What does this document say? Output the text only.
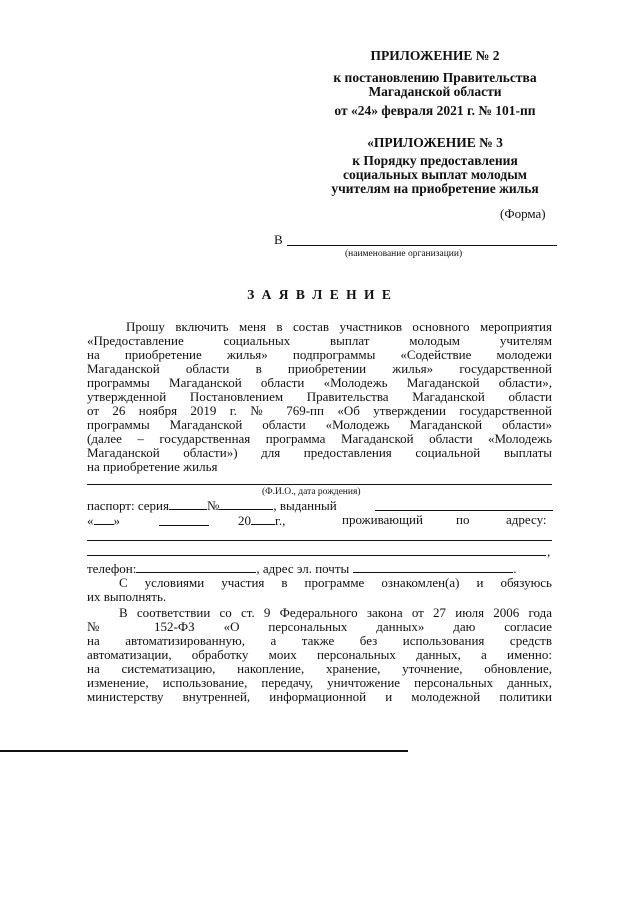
ПРИЛОЖЕНИЕ № 2
к постановлению Правительства
Магаданской области
от «24» февраля 2021 г. № 101-пп
«ПРИЛОЖЕНИЕ № 3
к Порядку предоставления
социальных выплат молодым
учителям на приобретение жилья
(Форма)
В
(наименование организации)
З А Я В Л Е Н И Е
Прошу включить меня в состав участников основного мероприятия
«Предоставление социальных выплат молодым учителям
на приобретение жилья» подпрограммы «Содействие молодежи
Магаданской области в приобретении жилья» государственной
программы Магаданской области «Молодежь Магаданской области»,
утвержденной Постановлением Правительства Магаданской области
от 26 ноября 2019 г. № 769-пп «Об утверждении государственной
программы Магаданской области «Молодежь Магаданской области»
(далее – государственная программа Магаданской области «Молодежь
Магаданской области») для предоставления социальной выплаты
на приобретение жилья
(Ф.И.О., дата рождения)
паспорт: серия	№	, выданный
« »	20 г.,	проживающий	по	адресу:
,
телефон:	, адрес эл. почты	.
С условиями участия в программе ознакомлен(а) и обязуюсь
их выполнять.
В соответствии со ст. 9 Федерального закона от 27 июля 2006 года
№ 152-ФЗ «О персональных данных» даю согласие
на автоматизированную, а также без использования средств
автоматизации, обработку моих персональных данных, а именно:
на систематизацию, накопление, хранение, уточнение, обновление,
изменение, использование, передачу, уничтожение персональных данных,
министерству внутренней, информационной и молодежной политики
